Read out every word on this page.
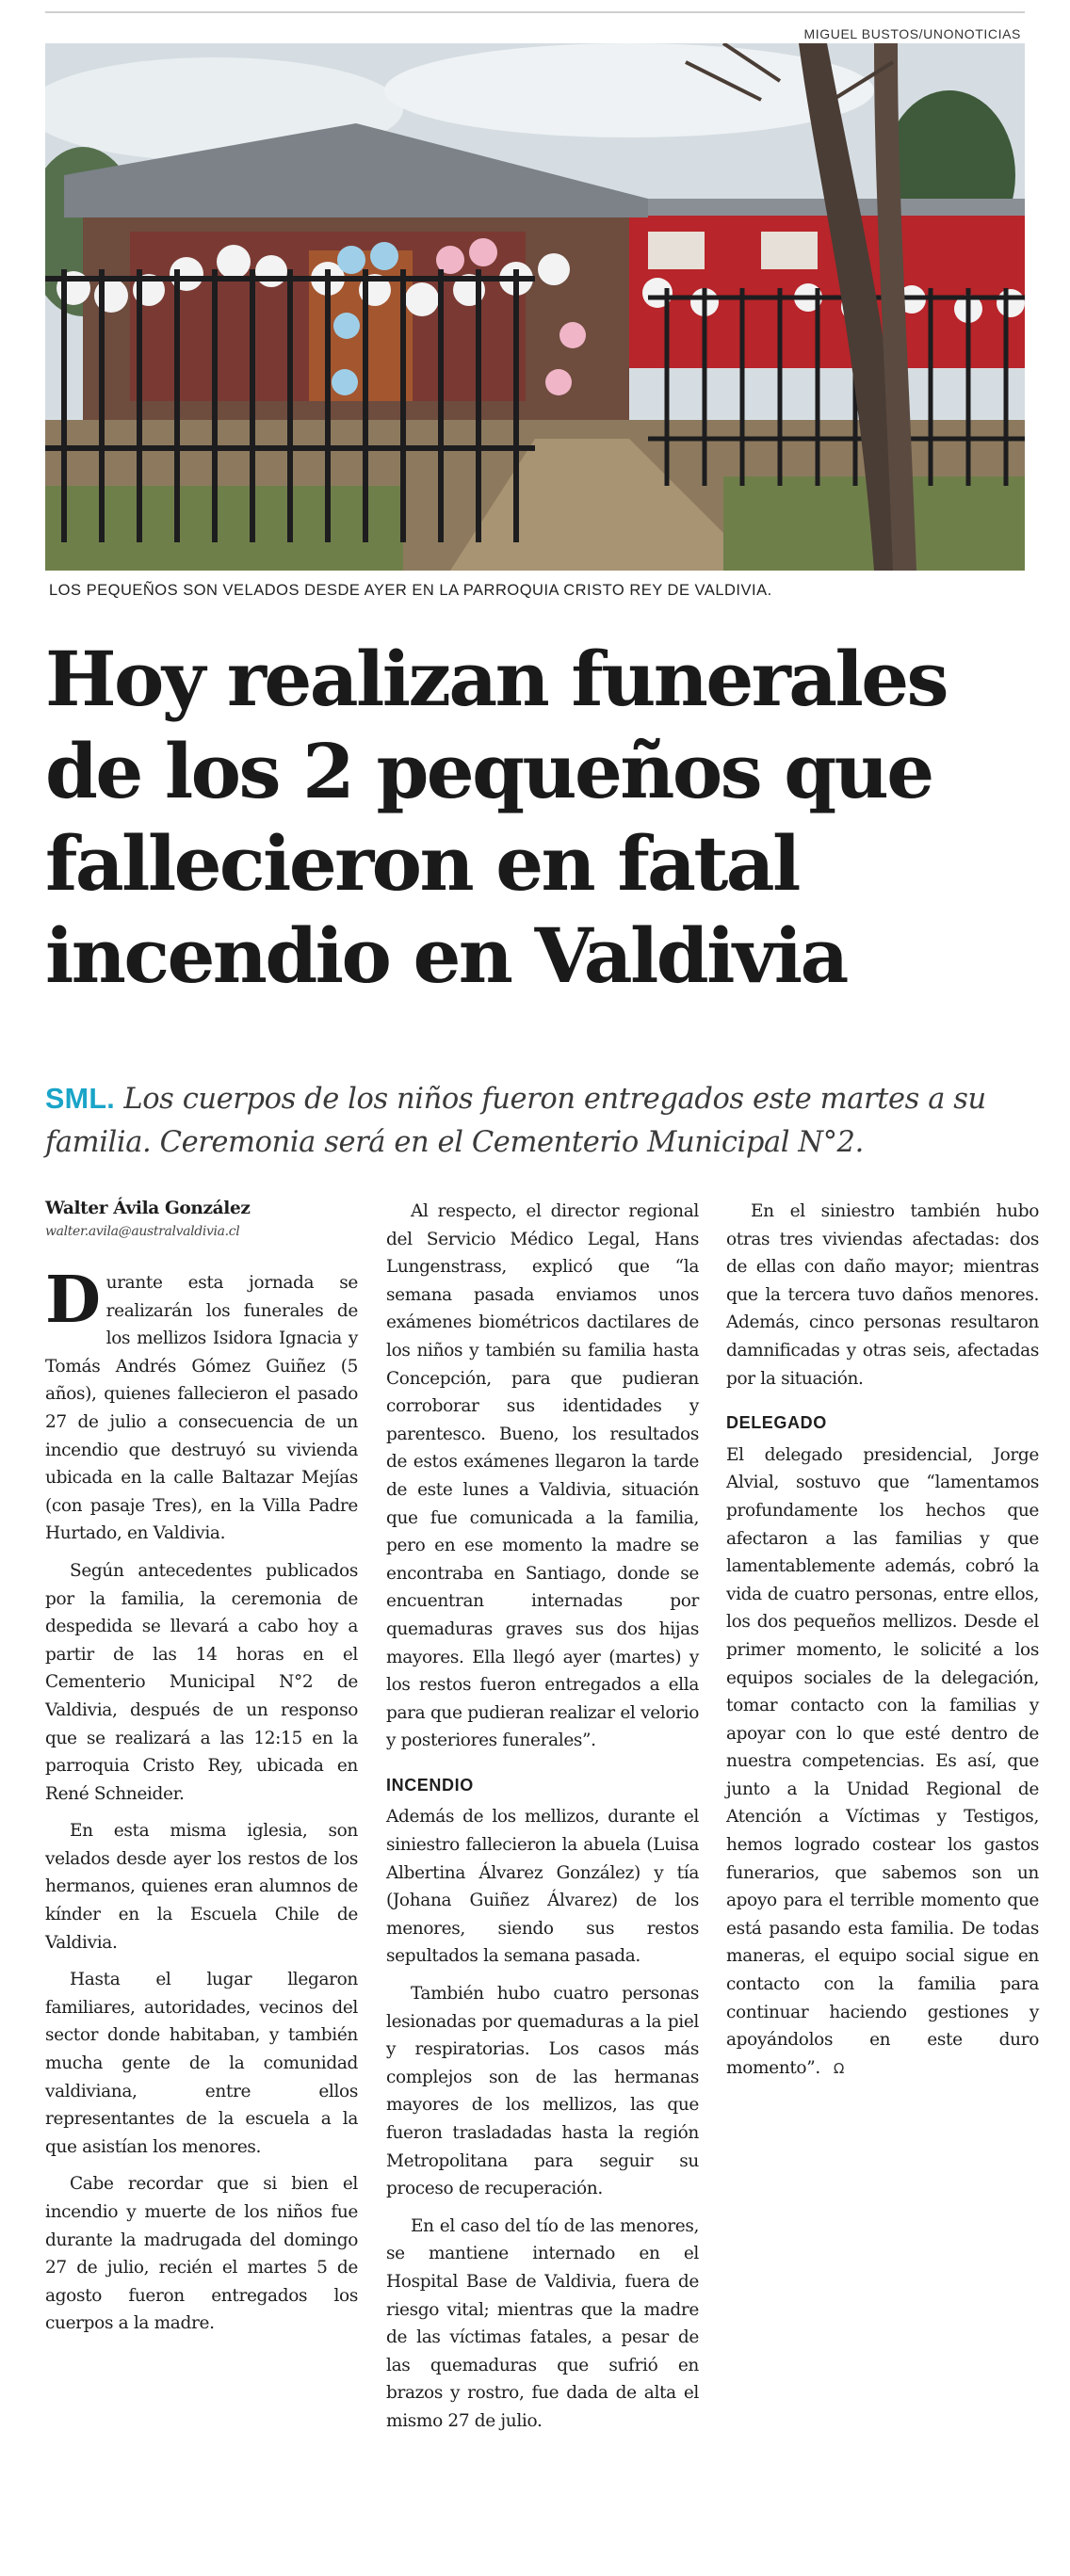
MIGUEL BUSTOS/UNONOTICIAS
LOS PEQUEÑOS SON VELADOS DESDE AYER EN LA PARROQUIA CRISTO REY DE VALDIVIA.
Hoy realizan funerales
de los 2 pequeños que
fallecieron en fatal
incendio en Valdivia
SML. Los cuerpos de los niños fueron entregados este martes a su familia. Ceremonia será en el Cementerio Municipal N°2.
Walter Ávila González
walter.avila@australvaldivia.cl

Durante esta jornada se realizarán los funerales de los mellizos Isidora Ignacia y Tomás Andrés Gómez Guiñez (5 años), quienes fallecieron el pasado 27 de julio a consecuencia de un incendio que destruyó su vivienda ubicada en la calle Baltazar Mejías (con pasaje Tres), en la Villa Padre Hurtado, en Valdivia.

Según antecedentes publicados por la familia, la ceremonia de despedida se llevará a cabo hoy a partir de las 14 horas en el Cementerio Municipal N°2 de Valdivia, después de un responso que se realizará a las 12:15 en la parroquia Cristo Rey, ubicada en René Schneider.

En esta misma iglesia, son velados desde ayer los restos de los hermanos, quienes eran alumnos de kínder en la Escuela Chile de Valdivia.

Hasta el lugar llegaron familiares, autoridades, vecinos del sector donde habitaban, y también mucha gente de la comunidad valdiviana, entre ellos representantes de la escuela a la que asistían los menores.

Cabe recordar que si bien el incendio y muerte de los niños fue durante la madrugada del domingo 27 de julio, recién el martes 5 de agosto fueron entregados los cuerpos a la madre.

Al respecto, el director regional del Servicio Médico Legal, Hans Lungenstrass, explicó que “la semana pasada enviamos unos exámenes biométricos dactilares de los niños y también su familia hasta Concepción, para que pudieran corroborar sus identidades y parentesco. Bueno, los resultados de estos exámenes llegaron la tarde de este lunes a Valdivia, situación que fue comunicada a la familia, pero en ese momento la madre se encontraba en Santiago, donde se encuentran internadas por quemaduras graves sus dos hijas mayores. Ella llegó ayer (martes) y los restos fueron entregados a ella para que pudieran realizar el velorio y posteriores funerales”.

INCENDIO

Además de los mellizos, durante el siniestro fallecieron la abuela (Luisa Albertina Álvarez González) y tía (Johana Guiñez Álvarez) de los menores, siendo sus restos sepultados la semana pasada.

También hubo cuatro personas lesionadas por quemaduras a la piel y respiratorias. Los casos más complejos son de las hermanas mayores de los mellizos, las que fueron trasladadas hasta la región Metropolitana para seguir su proceso de recuperación.

En el caso del tío de las menores, se mantiene internado en el Hospital Base de Valdivia, fuera de riesgo vital; mientras que la madre de las víctimas fatales, a pesar de las quemaduras que sufrió en brazos y rostro, fue dada de alta el mismo 27 de julio.

En el siniestro también hubo otras tres viviendas afectadas: dos de ellas con daño mayor; mientras que la tercera tuvo daños menores. Además, cinco personas resultaron damnificadas y otras seis, afectadas por la situación.

DELEGADO

El delegado presidencial, Jorge Alvial, sostuvo que “lamentamos profundamente los hechos que afectaron a las familias y que lamentablemente además, cobró la vida de cuatro personas, entre ellos, los dos pequeños mellizos. Desde el primer momento, le solicité a los equipos sociales de la delegación, tomar contacto con la familias y apoyar con lo que esté dentro de nuestra competencias. Es así, que junto a la Unidad Regional de Atención a Víctimas y Testigos, hemos logrado costear los gastos funerarios, que sabemos son un apoyo para el terrible momento que está pasando esta familia. De todas maneras, el equipo social sigue en contacto con la familia para continuar haciendo gestiones y apoyándolos en este duro momento”. Ω
